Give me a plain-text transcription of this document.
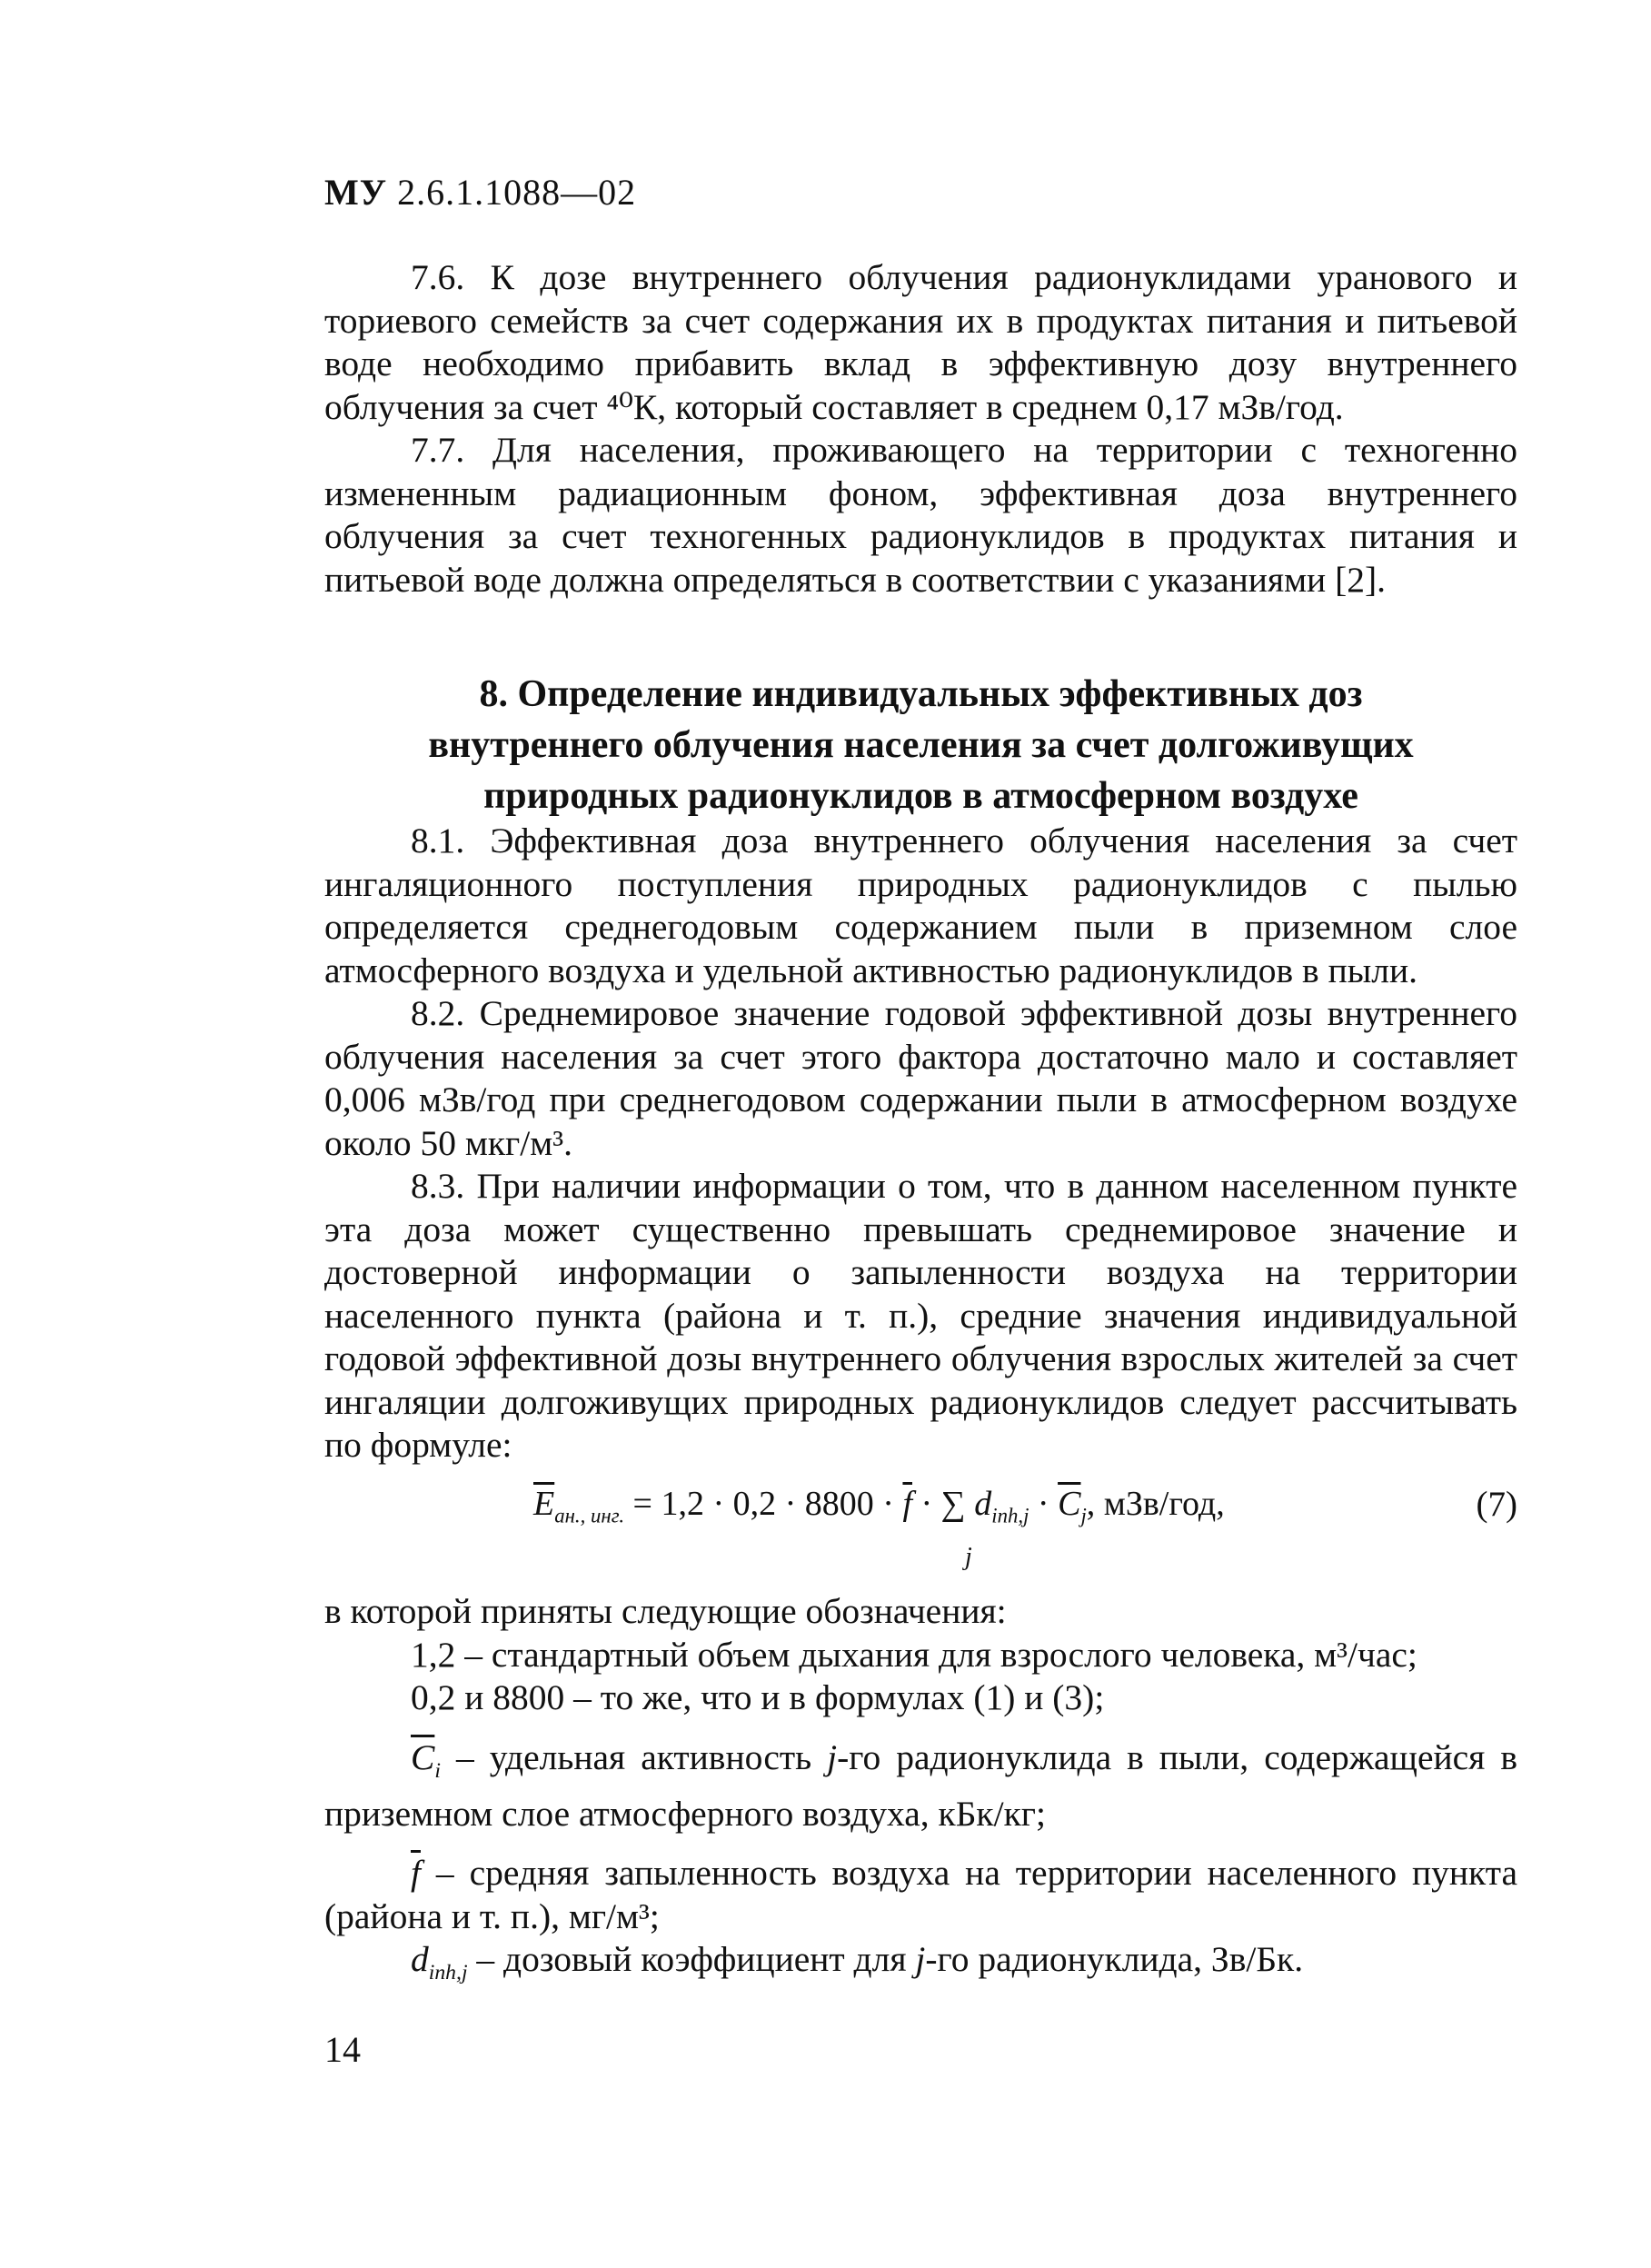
МУ 2.6.1.1088—02

7.6. К дозе внутреннего облучения радионуклидами уранового и ториевого семейств за счет содержания их в продуктах питания и питьевой воде необходимо прибавить вклад в эффективную дозу внутреннего облучения за счет ⁴⁰К, который составляет в среднем 0,17 мЗв/год.

7.7. Для населения, проживающего на территории с техногенно измененным радиационным фоном, эффективная доза внутреннего облучения за счет техногенных радионуклидов в продуктах питания и питьевой воде должна определяться в соответствии с указаниями [2].

8. Определение индивидуальных эффективных доз

внутреннего облучения населения за счет долгоживущих

природных радионуклидов в атмосферном воздухе

8.1. Эффективная доза внутреннего облучения населения за счет ингаляционного поступления природных радионуклидов с пылью определяется среднегодовым содержанием пыли в приземном слое атмосферного воздуха и удельной активностью радионуклидов в пыли.

8.2. Среднемировое значение годовой эффективной дозы внутреннего облучения населения за счет этого фактора достаточно мало и составляет 0,006 мЗв/год при среднегодовом содержании пыли в атмосферном воздухе около 50 мкг/м³.

8.3. При наличии информации о том, что в данном населенном пункте эта доза может существенно превышать среднемировое значение и достоверной информации о запыленности воздуха на территории населенного пункта (района и т. п.), средние значения индивидуальной годовой эффективной дозы внутреннего облучения взрослых жителей за счет ингаляции долгоживущих природных радионуклидов следует рассчитывать по формуле:

$\overline{E}_{ан., инг.} = 1,2 \cdot 0,2 \cdot 8800 \cdot \overline{f}$ · ∑ $d_{inh,j} \cdot \overline{C}_j$, мЗв/год,
j
(7)

в которой приняты следующие обозначения:

1,2 – стандартный объем дыхания для взрослого человека, м³/час;

0,2 и 8800 – то же, что и в формулах (1) и (3);

$\overline{C}_i$ – удельная активность j-го радионуклида в пыли, содержащейся в приземном слое атмосферного воздуха, кБк/кг;

$\overline{f}$ – средняя запыленность воздуха на территории населенного пункта (района и т. п.), мг/м³;

$d_{inh,j}$ – дозовый коэффициент для j-го радионуклида, Зв/Бк.

14
